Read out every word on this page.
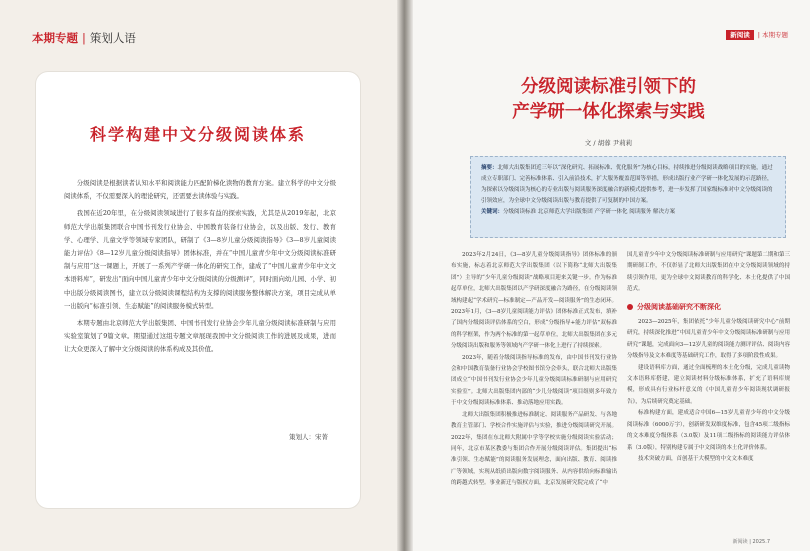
本期专题 | 策划人语
科学构建中文分级阅读体系

分级阅读是根据读者认知水平和阅读能力匹配阶梯化读物的教育方案。建立科学的中文分级阅读体系，不仅需要深入的理论研究，还需要去读体验与实践。

我国在近20年里，在分级阅读领域进行了很多有益的探索实践，尤其是从2019年起，北京师范大学出版集团联合中国书刊发行业协会、中国教育装备行业协会，以及出版、发行、教育学、心理学、儿童文学等领域专家团队，研制了《3—8岁儿童分级阅读指导》《3—8岁儿童阅读能力评估》《8—12岁儿童分级阅读指导》团体标准，并在“中国儿童青少年中文分级阅读标准研制与应用”这一课题上，开展了一系列产学研一体化的研究工作，建成了“中国儿童青少年中文文本语料库”，研发出“面向中国儿童青少年中文分级阅读的分级测评”，同时面向幼儿园、小学、初中出版分级阅读图书，建立以分级阅读课程结构为支撑的阅读服务整体解决方案，项目完成从单一出版向“标准引领、生态赋能”的阅读服务模式转型。

本期专题由北京师范大学出版集团、中国书刊发行业协会少年儿童分级阅读标准研制与应用实验室策划了9篇文章。期望通过这组专题文章展现我国中文分级阅读工作的进展及成果，进而让大众更深入了解中文分级阅读的体系构成及其价值。

策划人：宋菁
新阅读 | 本期专题
分级阅读标准引领下的
产学研一体化探索与实践
文 / 胡蓉 尹莉莉
摘要：北师大出版集团近三年以“深化研究、拓展标准、优化服务”为核心目标，持续推进分级阅读战略项目的实施，通过成立专职部门、完善标准体系、引入前沿技术，扩大服务覆盖范围等举措，形成出版行业产学研一体化发展的示范路径，为探索以分级阅读为核心的专业出版与阅读服务深度融合的新模式提供参考，进一步发挥了国家级标准对中文分级阅读的引领效应，为全球中文分级阅读出版与教育提供了可复制的中国方案。
关键词：分级阅读标准 北京师范大学出版集团 产学研一体化 阅读服务 解决方案

2023年2月24日，《3—8岁儿童分级阅读指导》团体标准的颁布实施，标志着北京师范大学出版集团（以下简称“北师大出版集团”）主导的“少年儿童分级阅读”战略项目迎来关键一步。作为标准起草单位，北师大出版集团以产学研深度融合为路径，在分级阅读领域构建起“学术研究—标准制定—产品开发—阅读服务”的生态闭环。2023年1月，《3—8岁儿童阅读能力评估》团体标准正式发布，填补了国内分级阅读评估体系的空白，形成“分级指导+能力评估”双标准的科学框架，作为两个标准的第一起草单位，北师大出版集团在多元分级阅读出版和服务等领域内产学研一体化上进行了持续探索。

2023年，随着分级阅读指导标准的发布，由中国书刊发行业协会和中国教育装备行业协会学校图书馆分会牵头，联合北师大出版集团成立“中国书刊发行业协会少年儿童分级阅读标准研制与应用研究实验室”。北师大出版集团内部的“少儿分级阅读”项目组则多年致力于中文分级阅读标准体系、推动落地应用实践。

北师大出版集团积极推进标准制定、阅读服务产品研发、与各地教育主管部门、学校合作实施评估与实验，推进分级阅读研究开展。2022年，集团在东北师大附属中学等学校实施分级阅读实验活动；同年，北京市某区教委与集团合作开展分级阅读评估。集团提出“标准引领、生态赋能”的阅读服务发展理念，面向出版、教育、阅读推广等领域，实现从纸质出版向数字阅读服务、从内容供给向标准输出的跨越式转型。事业新迁与版权方面，北京发展研究院完成了“中

国儿童青少年中文分级阅读标准研制与应用研究”课题第二期和第三期研制工作，不仅彰显了北师大出版集团在中文分级阅读领域的持续引领作用，更为全球中文阅读教育的科学化、本土化提供了中国范式。

分级阅读基础研究不断深化

2023—2025年，集团依托“少年儿童分级阅读研究中心”前期研究，持续深化推进“中国儿童青少年中文分级阅读标准研制与应用研究”课题，完成面向3—12岁儿童的阅读能力测评评估、阅读内容分级指导及文本难度等基础研究工作，取得了多项阶段性成果。

建设语料库方面，通过全面梳理的本土化分级，完成儿童读物文本语料库搭建，建立阅读材料分级标准体系，扩充了语料库规模，形成具有行业标杆意义的《中国儿童青少年阅读现状调研报告》，为后续研究奠定基础。

标准构建方面，建成适合中国6—15岁儿童青少年的中文分级阅读标准（6000万字），创新研发双维度标准，包含45项二级指标的文本难度分级体系（3.0版）及11项二级指标的阅读能力评估体系（3.0版），特别构建专属于中文阅读的本土化评价体系。

技术突破方面，首创基于大模型的中文文本难度

新阅读 | 2025.7
